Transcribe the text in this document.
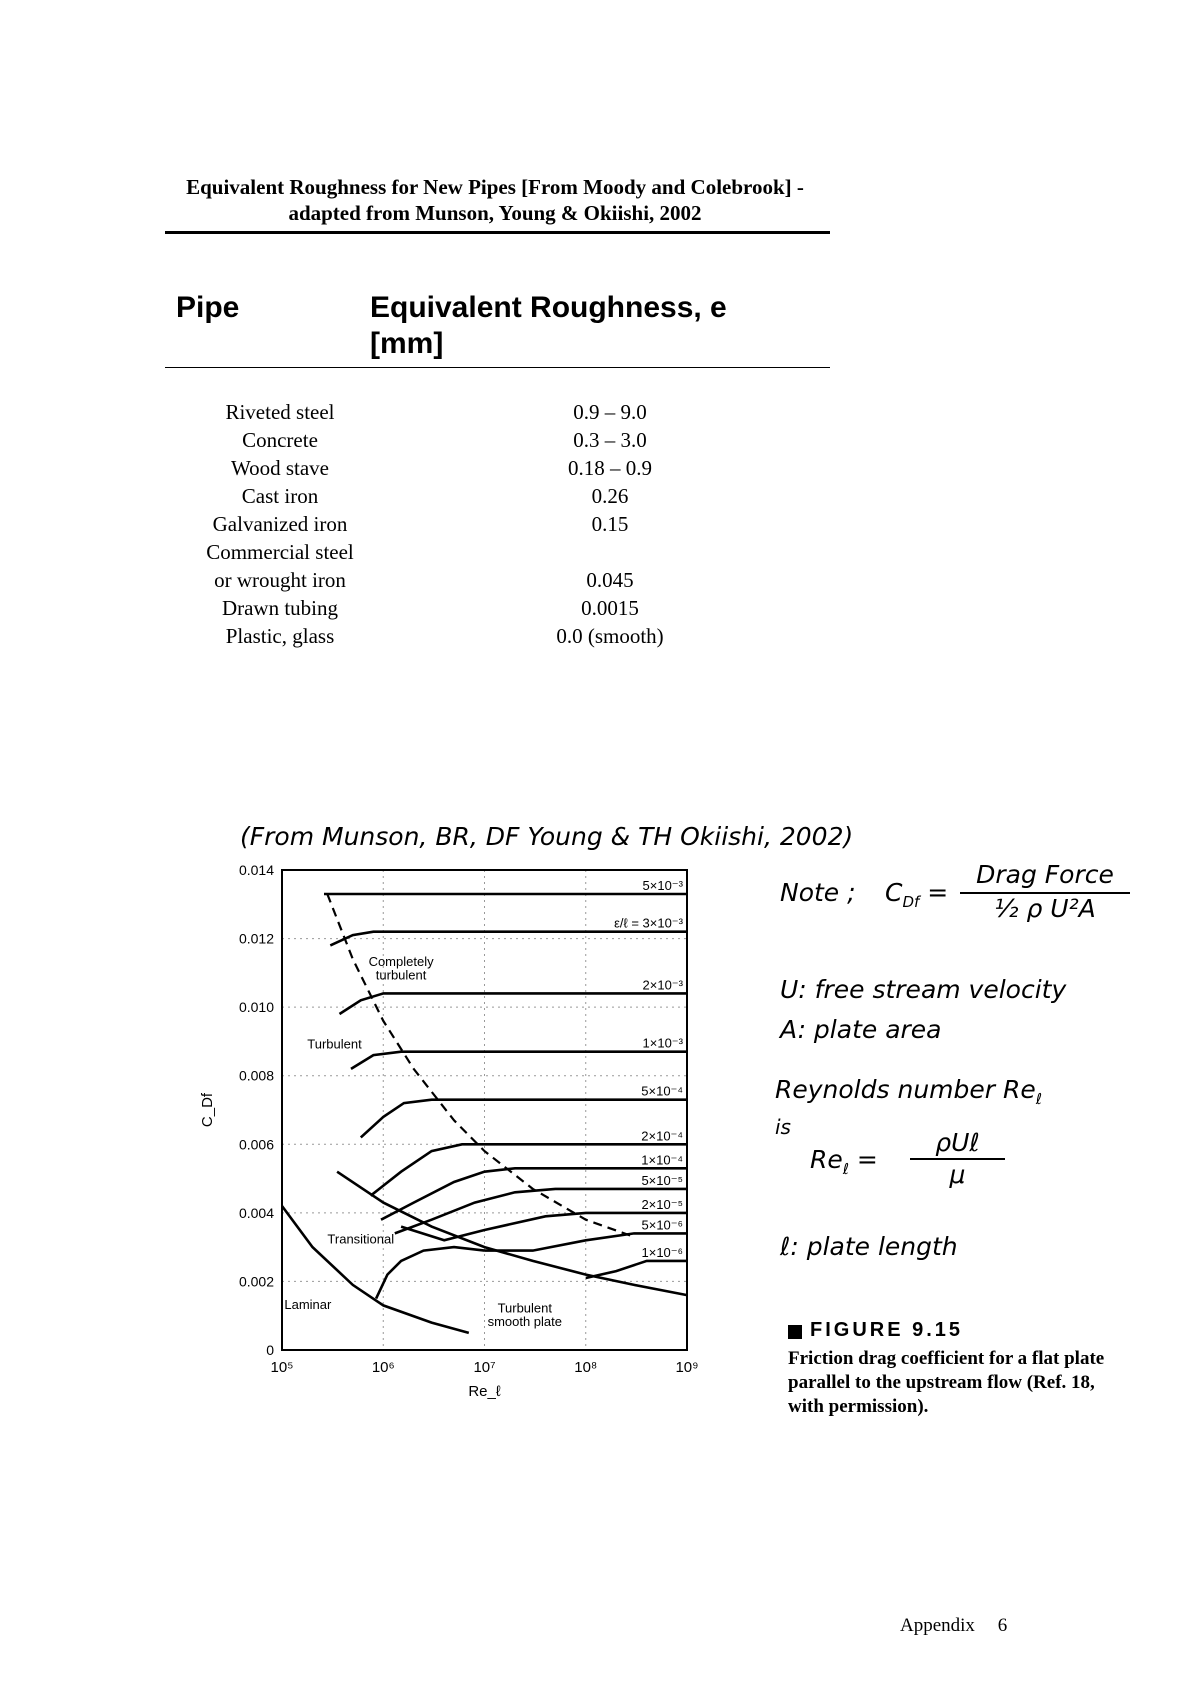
Equivalent Roughness for New Pipes [From Moody and Colebrook] - adapted from Munson, Young & Okiishi, 2002
Pipe	Equivalent Roughness, e [mm]
Riveted steel	0.9 – 9.0
Concrete	0.3 – 3.0
Wood stave	0.18 – 0.9
Cast iron	0.26
Galvanized iron	0.15
Commercial steel
or wrought iron	0.045
Drawn tubing	0.0015
Plastic, glass	0.0 (smooth)
(From Munson, BR, DF Young & TH Okiishi, 2002)
5×10⁻³
ε/ℓ = 3×10⁻³
2×10⁻³
1×10⁻³
5×10⁻⁴
2×10⁻⁴
1×10⁻⁴
5×10⁻⁵
2×10⁻⁵
5×10⁻⁶
1×10⁻⁶
Completely
turbulent
Turbulent
Transitional
Laminar	Turbulent
smooth plate
0
0.002
0.004
0.006
0.008
0.010
0.012
0.014
10⁵	10⁶	10⁷	10⁸	10⁹
Re_ℓ
C_Df
Note ; $C_{Df}$ =
Drag Force
½ ρ U²A
U: free stream velocity
A: plate area
Reynolds number $Re_\ell$
is
$Re_\ell$ =
ρUℓ
μ
ℓ: plate length
FIGURE 9.15
Friction drag coefficient for a flat plate parallel to the upstream flow (Ref. 18, with permission).
Appendix 6
